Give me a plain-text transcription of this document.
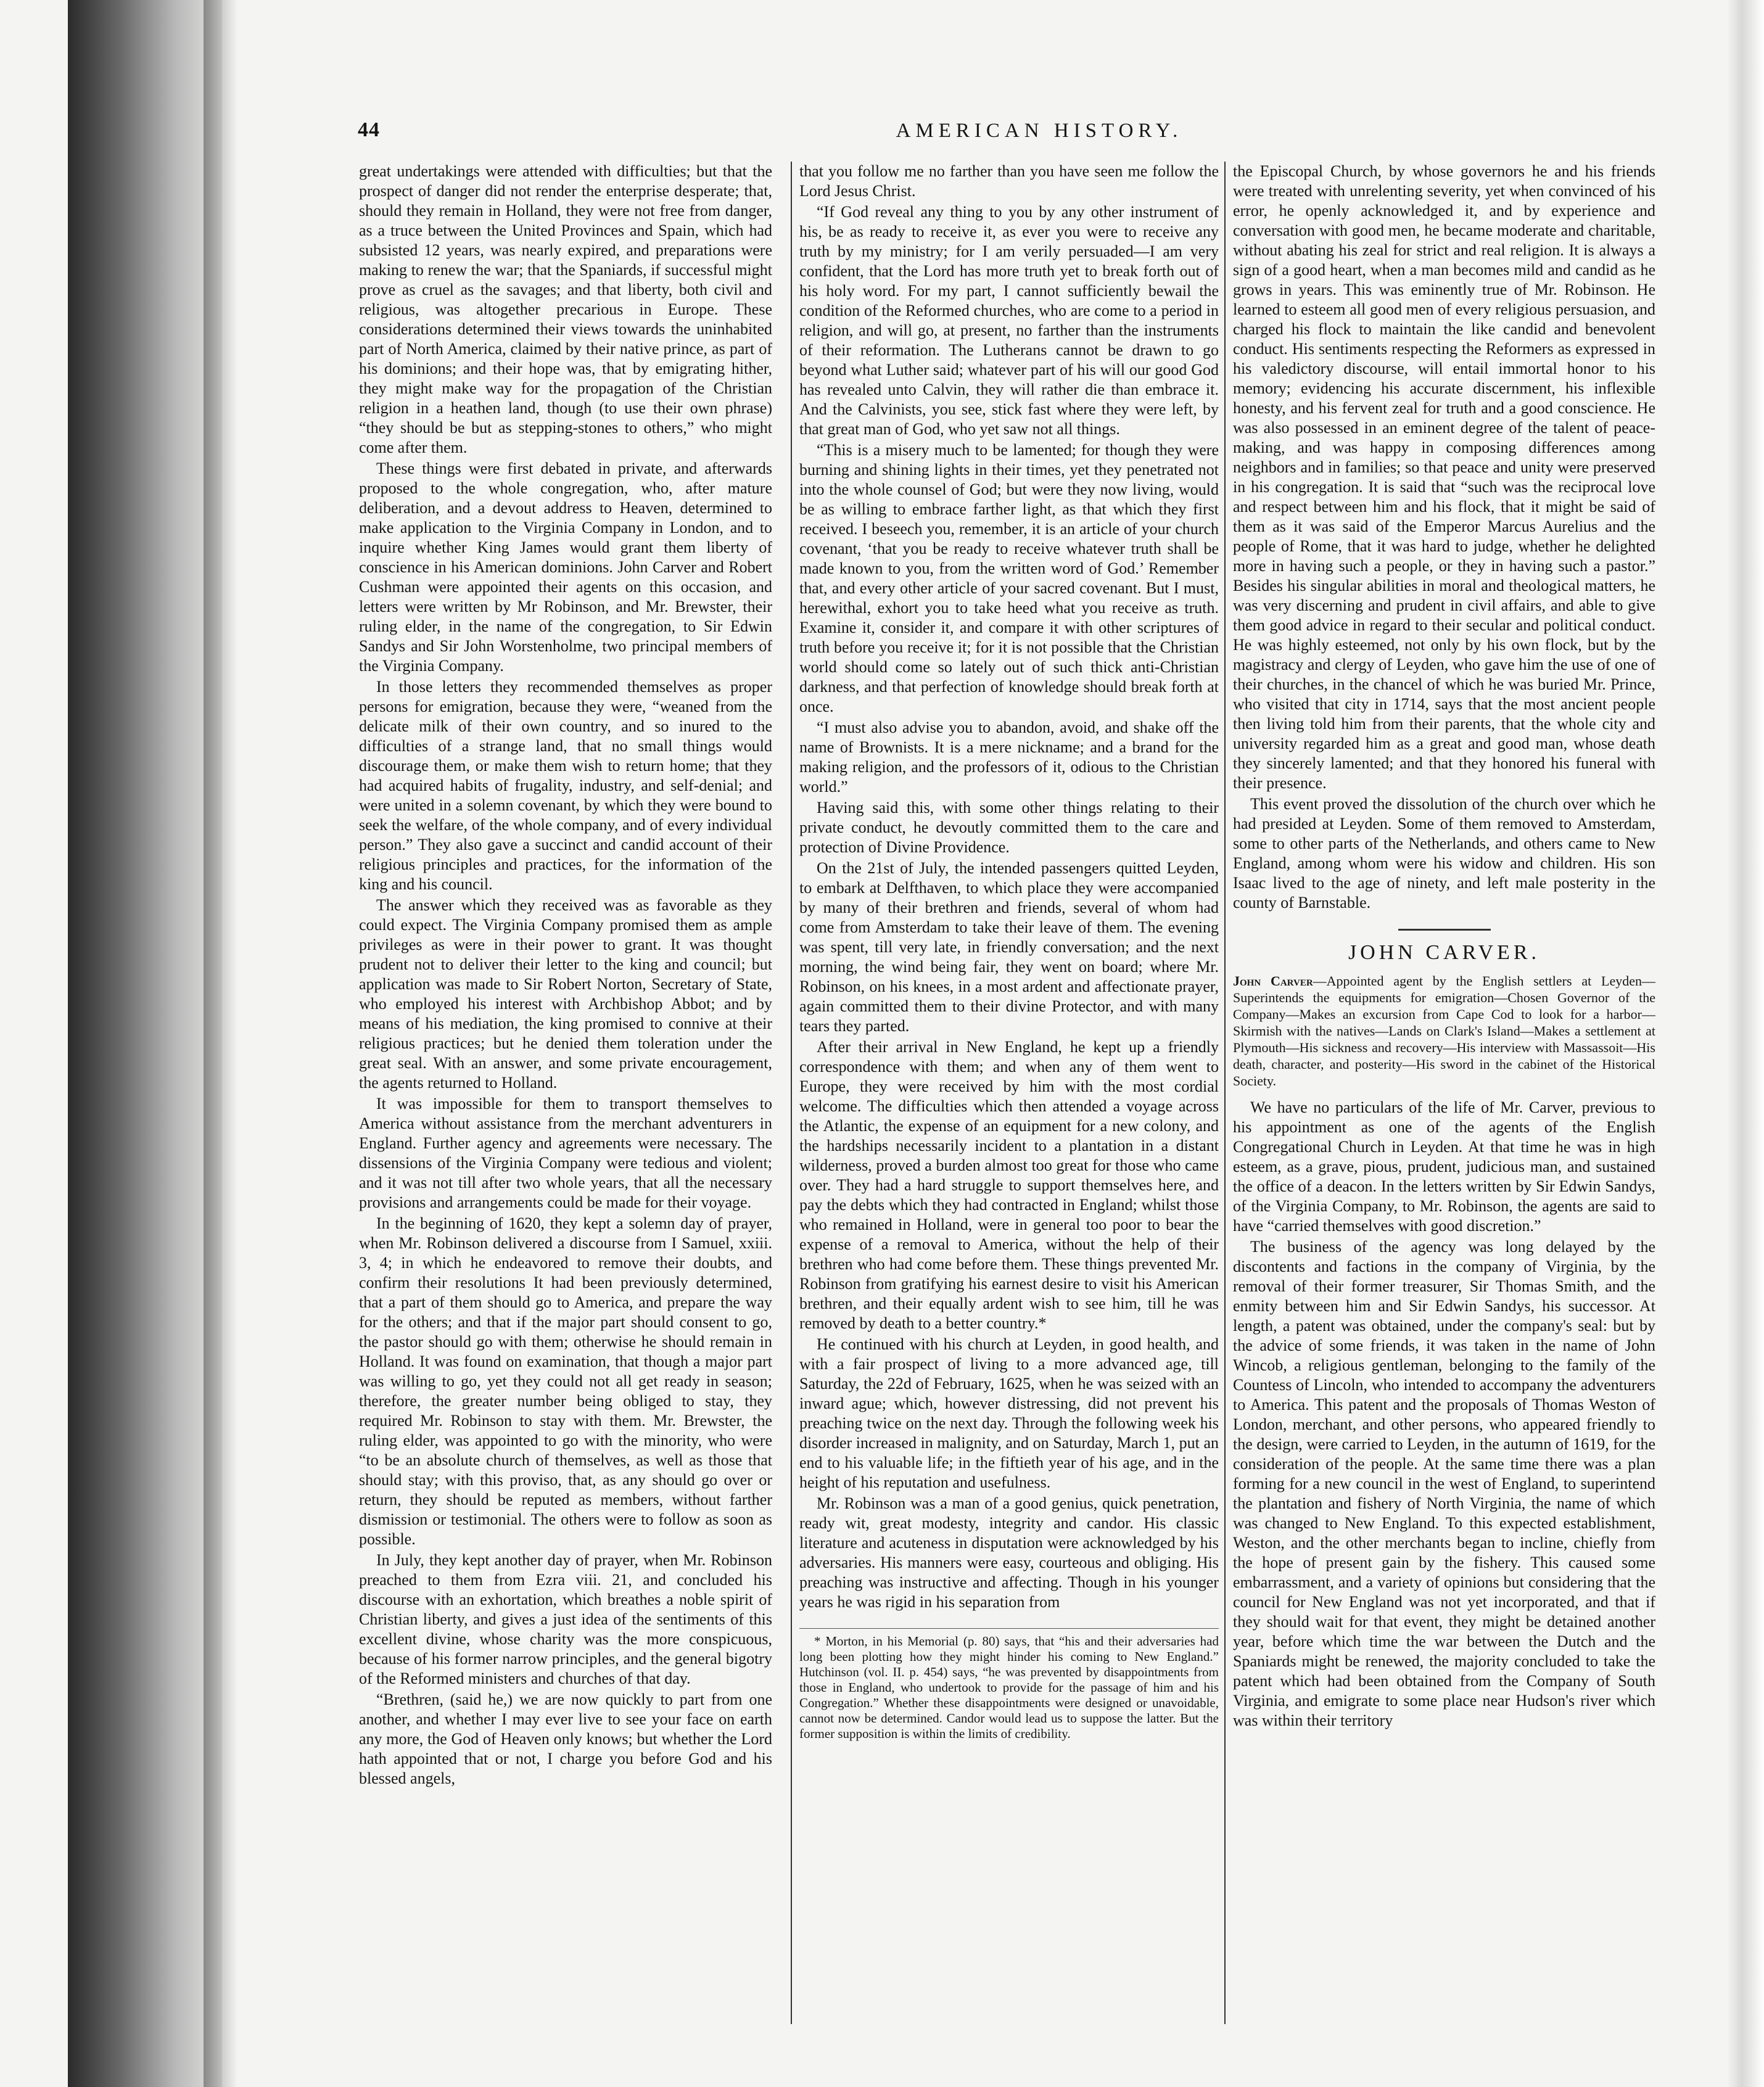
44	AMERICAN HISTORY.

great undertakings were attended with difficulties; but that the prospect of danger did not render the enterprise desperate; that, should they remain in Holland, they were not free from danger, as a truce between the United Provinces and Spain, which had subsisted 12 years, was nearly expired, and preparations were making to renew the war; that the Spaniards, if successful might prove as cruel as the savages; and that liberty, both civil and religious, was altogether precarious in Europe. These considerations determined their views towards the uninhabited part of North America, claimed by their native prince, as part of his dominions; and their hope was, that by emigrating hither, they might make way for the propagation of the Christian religion in a heathen land, though (to use their own phrase) “they should be but as stepping-stones to others,” who might come after them.

These things were first debated in private, and afterwards proposed to the whole congregation, who, after mature deliberation, and a devout address to Heaven, determined to make application to the Virginia Company in London, and to inquire whether King James would grant them liberty of conscience in his American dominions. John Carver and Robert Cushman were appointed their agents on this occasion, and letters were written by Mr Robinson, and Mr. Brewster, their ruling elder, in the name of the congregation, to Sir Edwin Sandys and Sir John Worstenholme, two principal members of the Virginia Company.

In those letters they recommended themselves as proper persons for emigration, because they were, “weaned from the delicate milk of their own country, and so inured to the difficulties of a strange land, that no small things would discourage them, or make them wish to return home; that they had acquired habits of frugality, industry, and self-denial; and were united in a solemn covenant, by which they were bound to seek the welfare, of the whole company, and of every individual person.” They also gave a succinct and candid account of their religious principles and practices, for the information of the king and his council.

The answer which they received was as favorable as they could expect. The Virginia Company promised them as ample privileges as were in their power to grant. It was thought prudent not to deliver their letter to the king and council; but application was made to Sir Robert Norton, Secretary of State, who employed his interest with Archbishop Abbot; and by means of his mediation, the king promised to connive at their religious practices; but he denied them toleration under the great seal. With an answer, and some private encouragement, the agents returned to Holland.

It was impossible for them to transport themselves to America without assistance from the merchant adventurers in England. Further agency and agreements were necessary. The dissensions of the Virginia Company were tedious and violent; and it was not till after two whole years, that all the necessary provisions and arrangements could be made for their voyage.

In the beginning of 1620, they kept a solemn day of prayer, when Mr. Robinson delivered a discourse from I Samuel, xxiii. 3, 4; in which he endeavored to remove their doubts, and confirm their resolutions It had been previously determined, that a part of them should go to America, and prepare the way for the others; and that if the major part should consent to go, the pastor should go with them; otherwise he should remain in Holland. It was found on examination, that though a major part was willing to go, yet they could not all get ready in season; therefore, the greater number being obliged to stay, they required Mr. Robinson to stay with them. Mr. Brewster, the ruling elder, was appointed to go with the minority, who were “to be an absolute church of themselves, as well as those that should stay; with this proviso, that, as any should go over or return, they should be reputed as members, without farther dismission or testimonial. The others were to follow as soon as possible.

In July, they kept another day of prayer, when Mr. Robinson preached to them from Ezra viii. 21, and concluded his discourse with an exhortation, which breathes a noble spirit of Christian liberty, and gives a just idea of the sentiments of this excellent divine, whose charity was the more conspicuous, because of his former narrow principles, and the general bigotry of the Reformed ministers and churches of that day.

“Brethren, (said he,) we are now quickly to part from one another, and whether I may ever live to see your face on earth any more, the God of Heaven only knows; but whether the Lord hath appointed that or not, I charge you before God and his blessed angels,

that you follow me no farther than you have seen me follow the Lord Jesus Christ.

“If God reveal any thing to you by any other instrument of his, be as ready to receive it, as ever you were to receive any truth by my ministry; for I am verily persuaded—I am very confident, that the Lord has more truth yet to break forth out of his holy word. For my part, I cannot sufficiently bewail the condition of the Reformed churches, who are come to a period in religion, and will go, at present, no farther than the instruments of their reformation. The Lutherans cannot be drawn to go beyond what Luther said; whatever part of his will our good God has revealed unto Calvin, they will rather die than embrace it. And the Calvinists, you see, stick fast where they were left, by that great man of God, who yet saw not all things.

“This is a misery much to be lamented; for though they were burning and shining lights in their times, yet they penetrated not into the whole counsel of God; but were they now living, would be as willing to embrace farther light, as that which they first received. I beseech you, remember, it is an article of your church covenant, ‘that you be ready to receive whatever truth shall be made known to you, from the written word of God.’ Remember that, and every other article of your sacred covenant. But I must, herewithal, exhort you to take heed what you receive as truth. Examine it, consider it, and compare it with other scriptures of truth before you receive it; for it is not possible that the Christian world should come so lately out of such thick anti-Christian darkness, and that perfection of knowledge should break forth at once.

“I must also advise you to abandon, avoid, and shake off the name of Brownists. It is a mere nickname; and a brand for the making religion, and the professors of it, odious to the Christian world.”

Having said this, with some other things relating to their private conduct, he devoutly committed them to the care and protection of Divine Providence.

On the 21st of July, the intended passengers quitted Leyden, to embark at Delfthaven, to which place they were accompanied by many of their brethren and friends, several of whom had come from Amsterdam to take their leave of them. The evening was spent, till very late, in friendly conversation; and the next morning, the wind being fair, they went on board; where Mr. Robinson, on his knees, in a most ardent and affectionate prayer, again committed them to their divine Protector, and with many tears they parted.

After their arrival in New England, he kept up a friendly correspondence with them; and when any of them went to Europe, they were received by him with the most cordial welcome. The difficulties which then attended a voyage across the Atlantic, the expense of an equipment for a new colony, and the hardships necessarily incident to a plantation in a distant wilderness, proved a burden almost too great for those who came over. They had a hard struggle to support themselves here, and pay the debts which they had contracted in England; whilst those who remained in Holland, were in general too poor to bear the expense of a removal to America, without the help of their brethren who had come before them. These things prevented Mr. Robinson from gratifying his earnest desire to visit his American brethren, and their equally ardent wish to see him, till he was removed by death to a better country.*

He continued with his church at Leyden, in good health, and with a fair prospect of living to a more advanced age, till Saturday, the 22d of February, 1625, when he was seized with an inward ague; which, however distressing, did not prevent his preaching twice on the next day. Through the following week his disorder increased in malignity, and on Saturday, March 1, put an end to his valuable life; in the fiftieth year of his age, and in the height of his reputation and usefulness.

Mr. Robinson was a man of a good genius, quick penetration, ready wit, great modesty, integrity and candor. His classic literature and acuteness in disputation were acknowledged by his adversaries. His manners were easy, courteous and obliging. His preaching was instructive and affecting. Though in his younger years he was rigid in his separation from

* Morton, in his Memorial (p. 80) says, that “his and their adversaries had long been plotting how they might hinder his coming to New England.” Hutchinson (vol. II. p. 454) says, “he was prevented by disappointments from those in England, who undertook to provide for the passage of him and his Congregation.” Whether these disappointments were designed or unavoidable, cannot now be determined. Candor would lead us to suppose the latter. But the former supposition is within the limits of credibility.

the Episcopal Church, by whose governors he and his friends were treated with unrelenting severity, yet when convinced of his error, he openly acknowledged it, and by experience and conversation with good men, he became moderate and charitable, without abating his zeal for strict and real religion. It is always a sign of a good heart, when a man becomes mild and candid as he grows in years. This was eminently true of Mr. Robinson. He learned to esteem all good men of every religious persuasion, and charged his flock to maintain the like candid and benevolent conduct. His sentiments respecting the Reformers as expressed in his valedictory discourse, will entail immortal honor to his memory; evidencing his accurate discernment, his inflexible honesty, and his fervent zeal for truth and a good conscience. He was also possessed in an eminent degree of the talent of peace-making, and was happy in composing differences among neighbors and in families; so that peace and unity were preserved in his congregation. It is said that “such was the reciprocal love and respect between him and his flock, that it might be said of them as it was said of the Emperor Marcus Aurelius and the people of Rome, that it was hard to judge, whether he delighted more in having such a people, or they in having such a pastor.” Besides his singular abilities in moral and theological matters, he was very discerning and prudent in civil affairs, and able to give them good advice in regard to their secular and political conduct. He was highly esteemed, not only by his own flock, but by the magistracy and clergy of Leyden, who gave him the use of one of their churches, in the chancel of which he was buried Mr. Prince, who visited that city in 1714, says that the most ancient people then living told him from their parents, that the whole city and university regarded him as a great and good man, whose death they sincerely lamented; and that they honored his funeral with their presence.

This event proved the dissolution of the church over which he had presided at Leyden. Some of them removed to Amsterdam, some to other parts of the Netherlands, and others came to New England, among whom were his widow and children. His son Isaac lived to the age of ninety, and left male posterity in the county of Barnstable.

JOHN CARVER.

John Carver—Appointed agent by the English settlers at Leyden—Superintends the equipments for emigration—Chosen Governor of the Company—Makes an excursion from Cape Cod to look for a harbor—Skirmish with the natives—Lands on Clark's Island—Makes a settlement at Plymouth—His sickness and recovery—His interview with Massassoit—His death, character, and posterity—His sword in the cabinet of the Historical Society.

We have no particulars of the life of Mr. Carver, previous to his appointment as one of the agents of the English Congregational Church in Leyden. At that time he was in high esteem, as a grave, pious, prudent, judicious man, and sustained the office of a deacon. In the letters written by Sir Edwin Sandys, of the Virginia Company, to Mr. Robinson, the agents are said to have “carried themselves with good discretion.”

The business of the agency was long delayed by the discontents and factions in the company of Virginia, by the removal of their former treasurer, Sir Thomas Smith, and the enmity between him and Sir Edwin Sandys, his successor. At length, a patent was obtained, under the company's seal: but by the advice of some friends, it was taken in the name of John Wincob, a religious gentleman, belonging to the family of the Countess of Lincoln, who intended to accompany the adventurers to America. This patent and the proposals of Thomas Weston of London, merchant, and other persons, who appeared friendly to the design, were carried to Leyden, in the autumn of 1619, for the consideration of the people. At the same time there was a plan forming for a new council in the west of England, to superintend the plantation and fishery of North Virginia, the name of which was changed to New England. To this expected establishment, Weston, and the other merchants began to incline, chiefly from the hope of present gain by the fishery. This caused some embarrassment, and a variety of opinions but considering that the council for New England was not yet incorporated, and that if they should wait for that event, they might be detained another year, before which time the war between the Dutch and the Spaniards might be renewed, the majority concluded to take the patent which had been obtained from the Company of South Virginia, and emigrate to some place near Hudson's river which was within their territory
